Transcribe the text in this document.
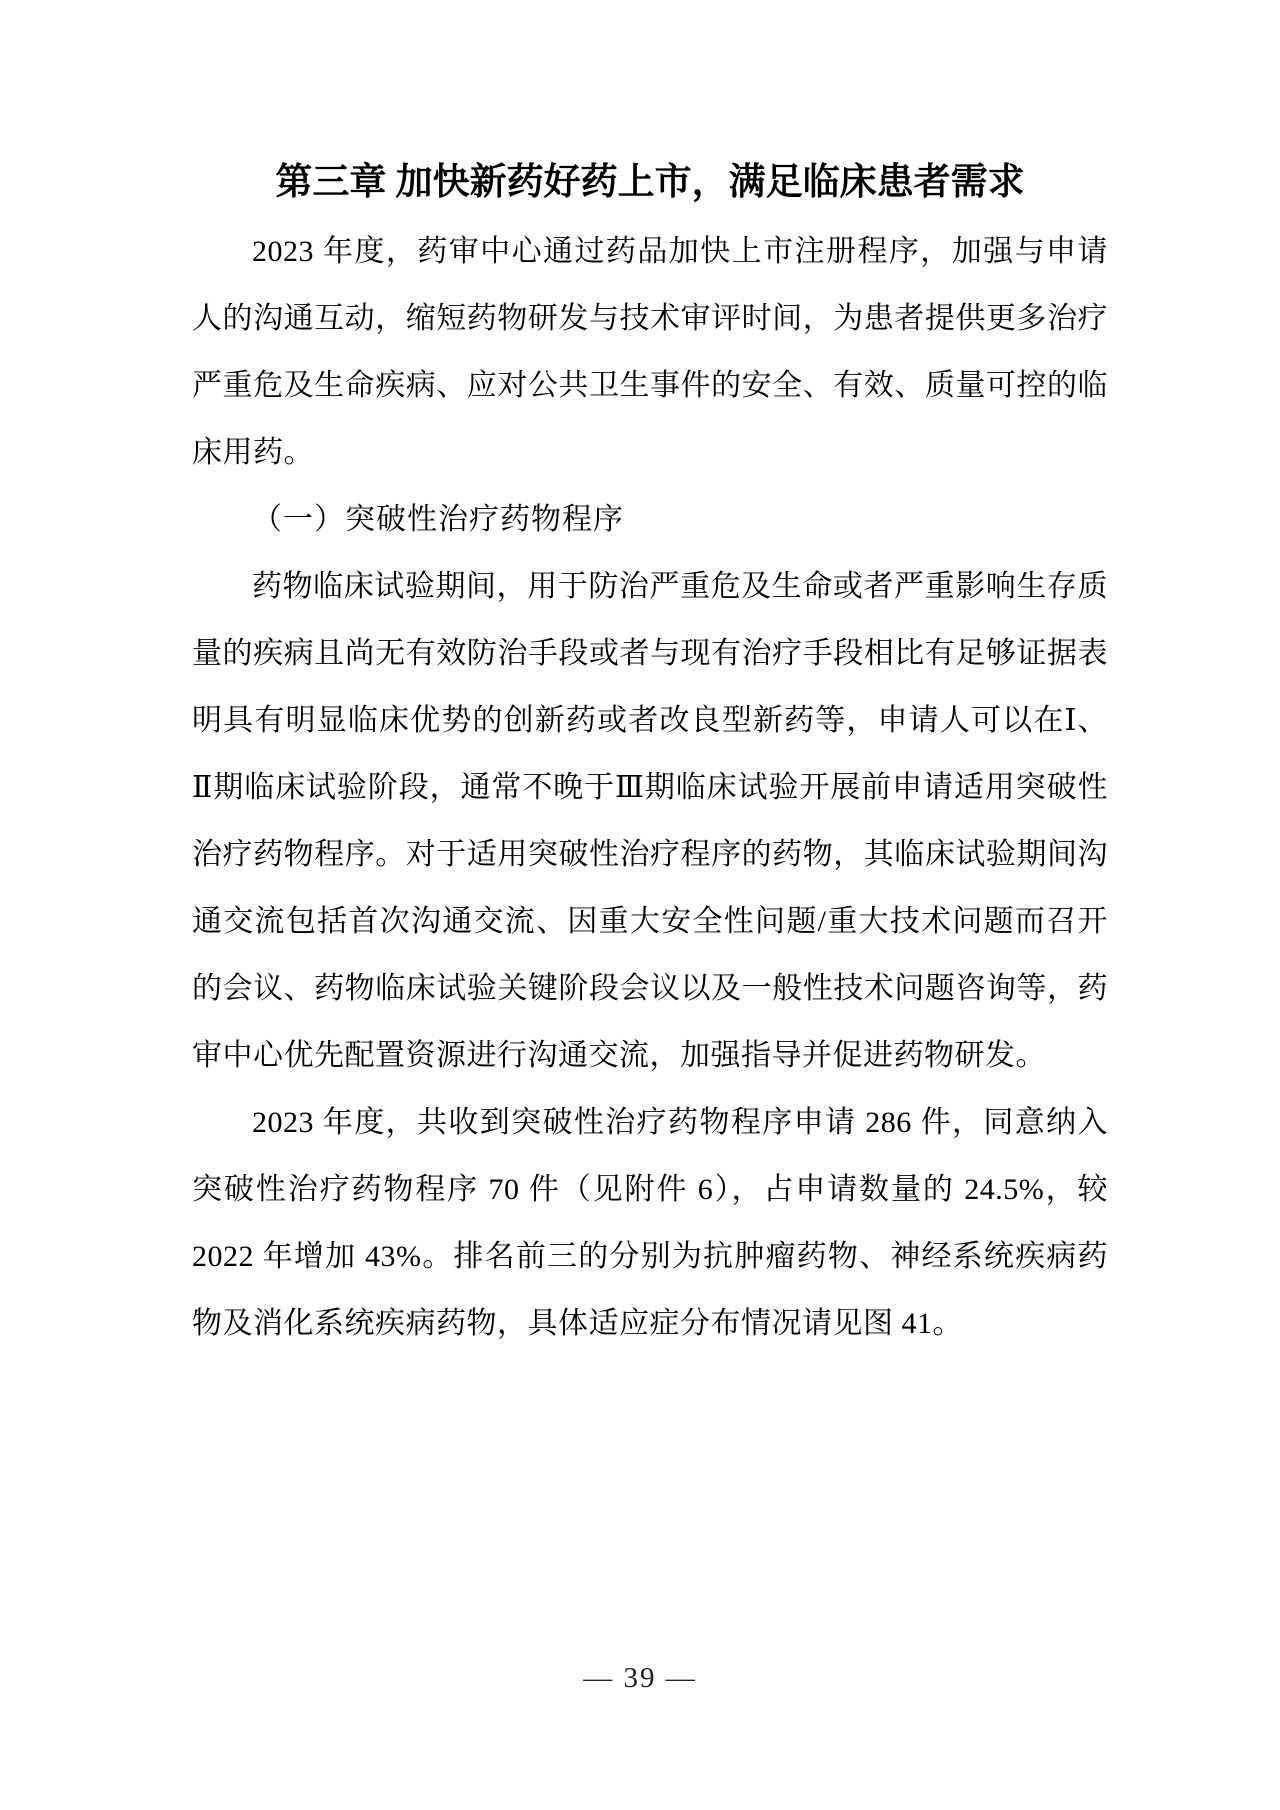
第三章 加快新药好药上市，满足临床患者需求

2023 年度，药审中心通过药品加快上市注册程序，加强与申请人的沟通互动，缩短药物研发与技术审评时间，为患者提供更多治疗严重危及生命疾病、应对公共卫生事件的安全、有效、质量可控的临床用药。

（一）突破性治疗药物程序

药物临床试验期间，用于防治严重危及生命或者严重影响生存质量的疾病且尚无有效防治手段或者与现有治疗手段相比有足够证据表明具有明显临床优势的创新药或者改良型新药等，申请人可以在Ⅰ、Ⅱ期临床试验阶段，通常不晚于Ⅲ期临床试验开展前申请适用突破性治疗药物程序。对于适用突破性治疗程序的药物，其临床试验期间沟通交流包括首次沟通交流、因重大安全性问题/重大技术问题而召开的会议、药物临床试验关键阶段会议以及一般性技术问题咨询等，药审中心优先配置资源进行沟通交流，加强指导并促进药物研发。

2023 年度，共收到突破性治疗药物程序申请 286 件，同意纳入突破性治疗药物程序 70 件（见附件 6），占申请数量的 24.5%，较 2022 年增加 43%。排名前三的分别为抗肿瘤药物、神经系统疾病药物及消化系统疾病药物，具体适应症分布情况请见图 41。

— 39 —
